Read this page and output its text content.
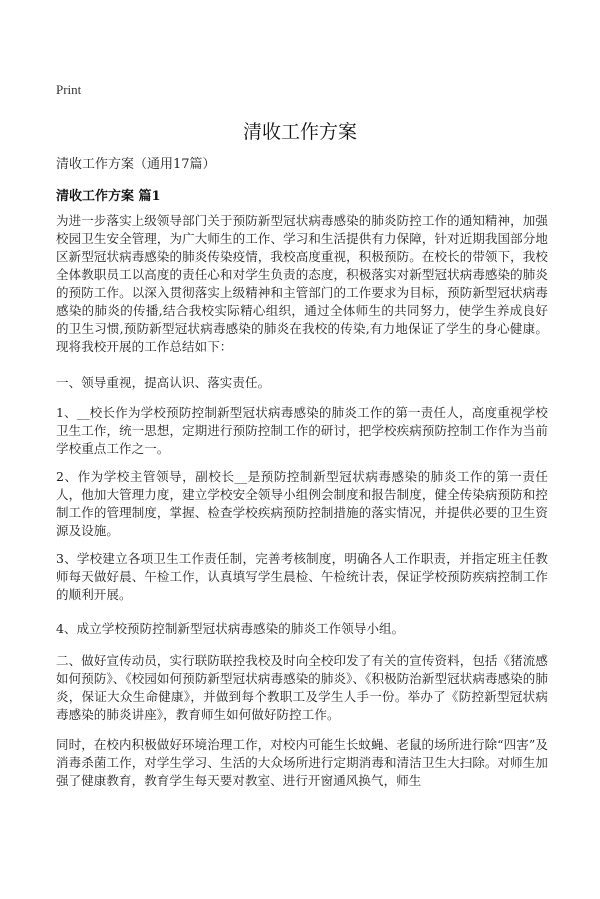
Print
清收工作方案
清收工作方案（通用17篇）
清收工作方案 篇1

为进一步落实上级领导部门关于预防新型冠状病毒感染的肺炎防控工作的通知精神，加强校园卫生安全管理，为广大师生的工作、学习和生活提供有力保障，针对近期我国部分地区新型冠状病毒感染的肺炎传染疫情，我校高度重视，积极预防。在校长的带领下，我校全体教职员工以高度的责任心和对学生负责的态度，积极落实对新型冠状病毒感染的肺炎的预防工作。以深入贯彻落实上级精神和主管部门的工作要求为目标，预防新型冠状病毒感染的肺炎的传播,结合我校实际精心组织，通过全体师生的共同努力，使学生养成良好的卫生习惯,预防新型冠状病毒感染的肺炎在我校的传染,有力地保证了学生的身心健康。现将我校开展的工作总结如下：

一、领导重视，提高认识、落实责任。

1、__校长作为学校预防控制新型冠状病毒感染的肺炎工作的第一责任人，高度重视学校卫生工作，统一思想，定期进行预防控制工作的研讨，把学校疾病预防控制工作作为当前学校重点工作之一。

2、作为学校主管领导，副校长__是预防控制新型冠状病毒感染的肺炎工作的第一责任人，他加大管理力度，建立学校安全领导小组例会制度和报告制度，健全传染病预防和控制工作的管理制度，掌握、检查学校疾病预防控制措施的落实情况，并提供必要的卫生资源及设施。

3、学校建立各项卫生工作责任制，完善考核制度，明确各人工作职责，并指定班主任教师每天做好晨、午检工作，认真填写学生晨检、午检统计表，保证学校预防疾病控制工作的顺利开展。

4、成立学校预防控制新型冠状病毒感染的肺炎工作领导小组。

二、做好宣传动员，实行联防联控我校及时向全校印发了有关的宣传资料，包括《猪流感如何预防》、《校园如何预防新型冠状病毒感染的肺炎》、《积极防治新型冠状病毒感染的肺炎，保证大众生命健康》，并做到每个教职工及学生人手一份。举办了《防控新型冠状病毒感染的肺炎讲座》，教育师生如何做好防控工作。

同时，在校内积极做好环境治理工作，对校内可能生长蚊蝇、老鼠的场所进行除“四害”及消毒杀菌工作，对学生学习、生活的大众场所进行定期消毒和清洁卫生大扫除。对师生加强了健康教育，教育学生每天要对教室、进行开窗通风换气，师生
